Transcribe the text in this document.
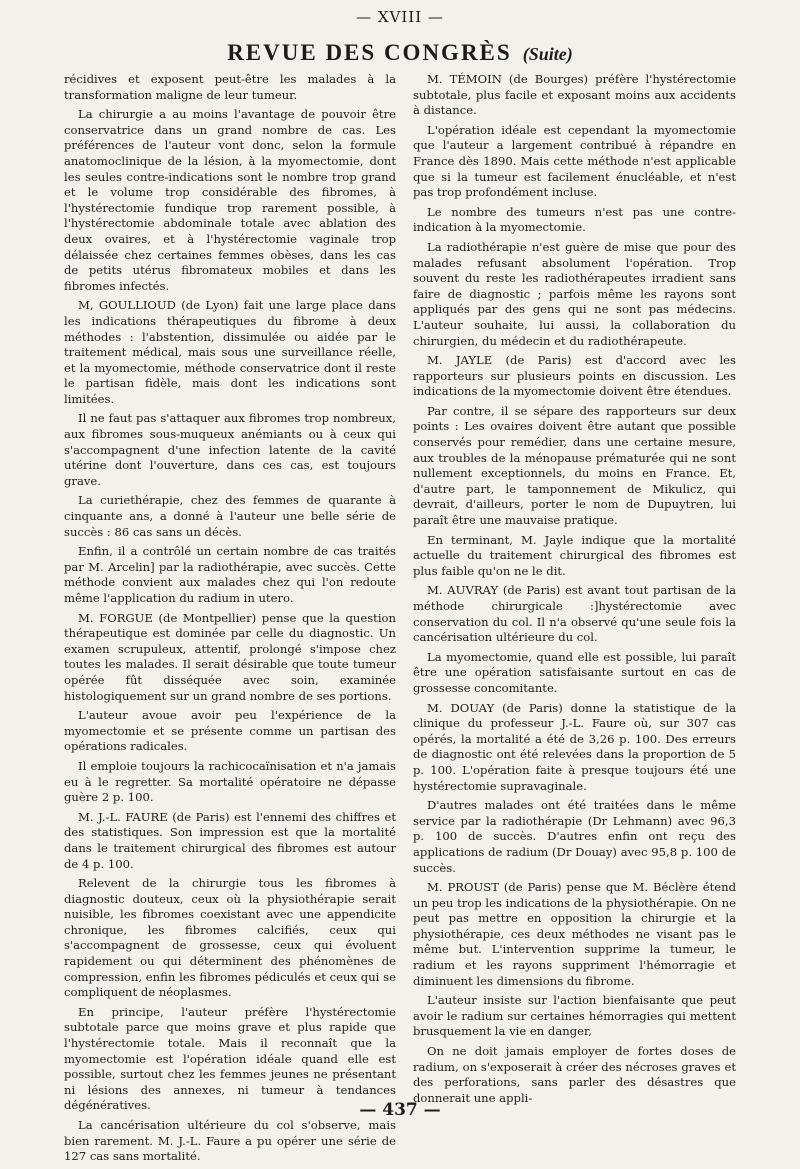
— XVIII —
REVUE DES CONGRÈS (Suite)

récidives et exposent peut-être les malades à la transformation maligne de leur tumeur.

La chirurgie a au moins l'avantage de pouvoir être conservatrice dans un grand nombre de cas. Les préférences de l'auteur vont donc, selon la formule anatomoclinique de la lésion, à la myomectomie, dont les seules contre-indications sont le nombre trop grand et le volume trop considérable des fibromes, à l'hystérectomie fundique trop rarement possible, à l'hystérectomie abdominale totale avec ablation des deux ovaires, et à l'hystérectomie vaginale trop délaissée chez certaines femmes obèses, dans les cas de petits utérus fibromateux mobiles et dans les fibromes infectés.

M, GOULLIOUD (de Lyon) fait une large place dans les indications thérapeutiques du fibrome à deux méthodes : l'abstention, dissimulée ou aidée par le traitement médical, mais sous une surveillance réelle, et la myomectomie, méthode conservatrice dont il reste le partisan fidèle, mais dont les indications sont limitées.

Il ne faut pas s'attaquer aux fibromes trop nombreux, aux fibromes sous-muqueux anémiants ou à ceux qui s'accompagnent d'une infection latente de la cavité utérine dont l'ouverture, dans ces cas, est toujours grave.

La curiethérapie, chez des femmes de quarante à cinquante ans, a donné à l'auteur une belle série de succès : 86 cas sans un décès.

Enfin, il a contrôlé un certain nombre de cas traités par M. Arcelin] par la radiothérapie, avec succès. Cette méthode convient aux malades chez qui l'on redoute même l'application du radium in utero.

M. FORGUE (de Montpellier) pense que la question thérapeutique est dominée par celle du diagnostic. Un examen scrupuleux, attentif, prolongé s'impose chez toutes les malades. Il serait désirable que toute tumeur opérée fût disséquée avec soin, examinée histologiquement sur un grand nombre de ses portions.

L'auteur avoue avoir peu l'expérience de la myomectomie et se présente comme un partisan des opérations radicales.

Il emploie toujours la rachicocaïnisation et n'a jamais eu à le regretter. Sa mortalité opératoire ne dépasse guère 2 p. 100.

M. J.-L. FAURE (de Paris) est l'ennemi des chiffres et des statistiques. Son impression est que la mortalité dans le traitement chirurgical des fibromes est autour de 4 p. 100.

Relevent de la chirurgie tous les fibromes à diagnostic douteux, ceux où la physiothérapie serait nuisible, les fibromes coexistant avec une appendicite chronique, les fibromes calcifiés, ceux qui s'accompagnent de grossesse, ceux qui évoluent rapidement ou qui déterminent des phénomènes de compression, enfin les fibromes pédiculés et ceux qui se compliquent de néoplasmes.

En principe, l'auteur préfère l'hystérectomie subtotale parce que moins grave et plus rapide que l'hystérectomie totale. Mais il reconnaît que la myomectomie est l'opération idéale quand elle est possible, surtout chez les femmes jeunes ne présentant ni lésions des annexes, ni tumeur à tendances dégénératives.

La cancérisation ultérieure du col s'observe, mais bien rarement. M. J.-L. Faure a pu opérer une série de 127 cas sans mortalité.

M. TÉMOIN (de Bourges) préfère l'hystérectomie subtotale, plus facile et exposant moins aux accidents à distance.

L'opération idéale est cependant la myomectomie que l'auteur a largement contribué à répandre en France dès 1890. Mais cette méthode n'est applicable que si la tumeur est facilement énucléable, et n'est pas trop profondément incluse.

Le nombre des tumeurs n'est pas une contre-indication à la myomectomie.

La radiothérapie n'est guère de mise que pour des malades refusant absolument l'opération. Trop souvent du reste les radiothérapeutes irradient sans faire de diagnostic ; parfois même les rayons sont appliqués par des gens qui ne sont pas médecins. L'auteur souhaite, lui aussi, la collaboration du chirurgien, du médecin et du radiothérapeute.

M. JAYLE (de Paris) est d'accord avec les rapporteurs sur plusieurs points en discussion. Les indications de la myomectomie doivent être étendues.

Par contre, il se sépare des rapporteurs sur deux points : Les ovaires doivent être autant que possible conservés pour remédier, dans une certaine mesure, aux troubles de la ménopause prématurée qui ne sont nullement exceptionnels, du moins en France. Et, d'autre part, le tamponnement de Mikulicz, qui devrait, d'ailleurs, porter le nom de Dupuytren, lui paraît être une mauvaise pratique.

En terminant, M. Jayle indique que la mortalité actuelle du traitement chirurgical des fibromes est plus faible qu'on ne le dit.

M. AUVRAY (de Paris) est avant tout partisan de la méthode chirurgicale :]hystérectomie avec conservation du col. Il n'a observé qu'une seule fois la cancérisation ultérieure du col.

La myomectomie, quand elle est possible, lui paraît être une opération satisfaisante surtout en cas de grossesse concomitante.

M. DOUAY (de Paris) donne la statistique de la clinique du professeur J.-L. Faure où, sur 307 cas opérés, la mortalité a été de 3,26 p. 100. Des erreurs de diagnostic ont été relevées dans la proportion de 5 p. 100. L'opération faite à presque toujours été une hystérectomie supravaginale.

D'autres malades ont été traitées dans le même service par la radiothérapie (Dr Lehmann) avec 96,3 p. 100 de succès. D'autres enfin ont reçu des applications de radium (Dr Douay) avec 95,8 p. 100 de succès.

M. PROUST (de Paris) pense que M. Béclère étend un peu trop les indications de la physiothérapie. On ne peut pas mettre en opposition la chirurgie et la physiothérapie, ces deux méthodes ne visant pas le même but. L'intervention supprime la tumeur, le radium et les rayons suppriment l'hémorragie et diminuent les dimensions du fibrome.

L'auteur insiste sur l'action bienfaisante que peut avoir le radium sur certaines hémorragies qui mettent brusquement la vie en danger,

On ne doit jamais employer de fortes doses de radium, on s'exposerait à créer des nécroses graves et des perforations, sans parler des désastres que donnerait une appli-

— 437 —
